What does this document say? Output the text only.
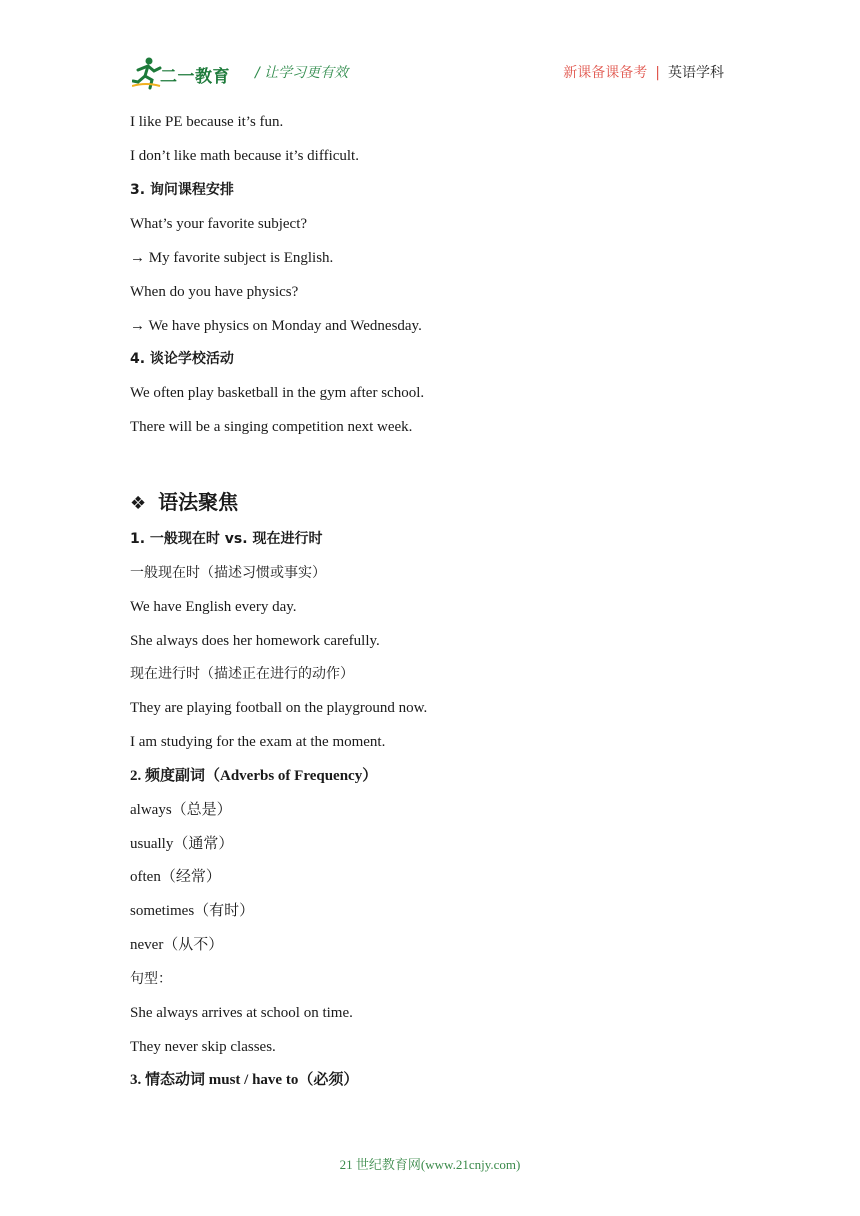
二一教育 / 让学习更有效	新课备课备考 | 英语学科
I like PE because it’s fun.
I don’t like math because it’s difficult.
3. 询问课程安排
What’s your favorite subject?
→ My favorite subject is English.
When do you have physics?
→ We have physics on Monday and Wednesday.
4. 谈论学校活动
We often play basketball in the gym after school.
There will be a singing competition next week.
❖ 语法聚焦
1. 一般现在时 vs. 现在进行时
一般现在时（描述习惯或事实）
We have English every day.
She always does her homework carefully.
现在进行时（描述正在进行的动作）
They are playing football on the playground now.
I am studying for the exam at the moment.
2. 频度副词（Adverbs of Frequency）
always（总是）
usually（通常）
often（经常）
sometimes（有时）
never（从不）
句型：
She always arrives at school on time.
They never skip classes.
3. 情态动词 must / have to（必须）
21 世纪教育网(www.21cnjy.com)
